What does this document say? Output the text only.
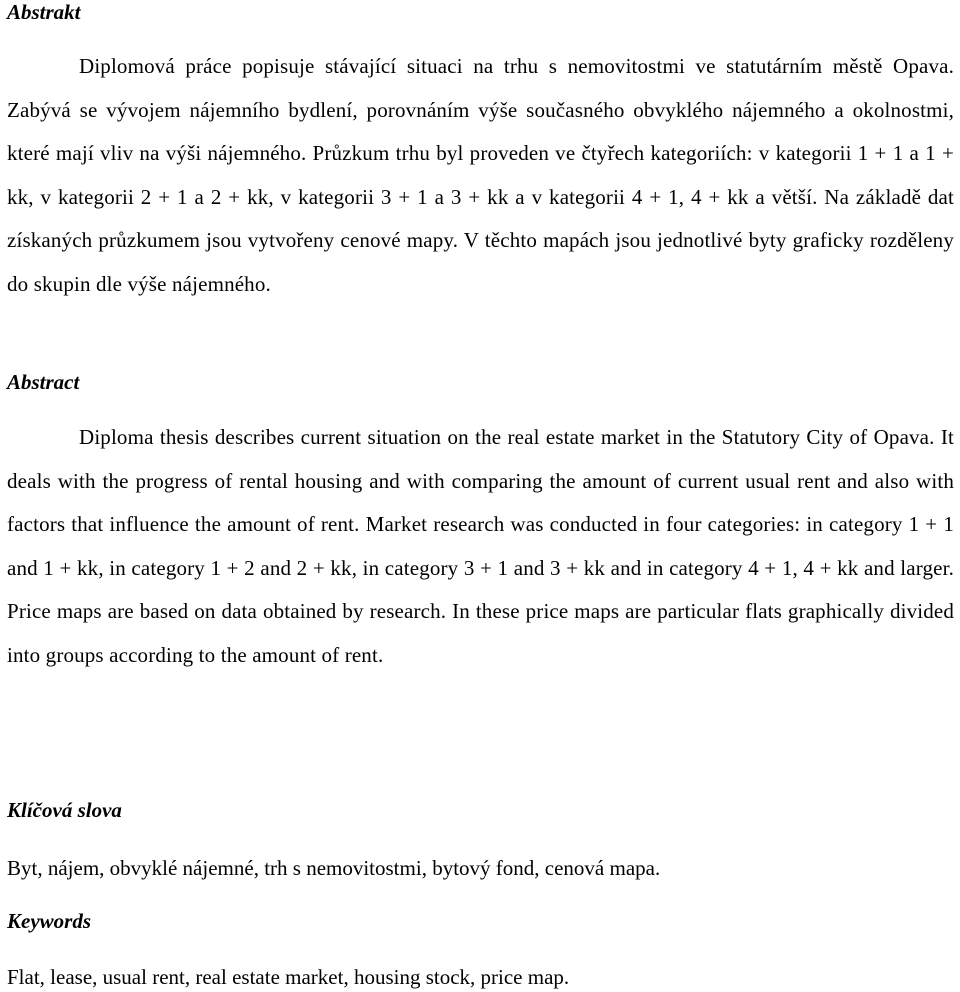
Abstrakt

Diplomová práce popisuje stávající situaci na trhu s nemovitostmi ve statutárním městě Opava. Zabývá se vývojem nájemního bydlení, porovnáním výše současného obvyklého nájemného a okolnostmi, které mají vliv na výši nájemného. Průzkum trhu byl proveden ve čtyřech kategoriích: v kategorii 1 + 1 a 1 + kk, v kategorii 2 + 1 a 2 + kk, v kategorii 3 + 1 a 3 + kk a v kategorii 4 + 1, 4 + kk a větší. Na základě dat získaných průzkumem jsou vytvořeny cenové mapy. V těchto mapách jsou jednotlivé byty graficky rozděleny do skupin dle výše nájemného.

Abstract

Diploma thesis describes current situation on the real estate market in the Statutory City of Opava. It deals with the progress of rental housing and with comparing the amount of current usual rent and also with factors that influence the amount of rent. Market research was conducted in four categories: in category 1 + 1 and 1 + kk, in category 1 + 2 and 2 + kk, in category 3 + 1 and 3 + kk and in category 4 + 1, 4 + kk and larger. Price maps are based on data obtained by research. In these price maps are particular flats graphically divided into groups according to the amount of rent.

Klíčová slova

Byt, nájem, obvyklé nájemné, trh s nemovitostmi, bytový fond, cenová mapa.

Keywords

Flat, lease, usual rent, real estate market, housing stock, price map.
